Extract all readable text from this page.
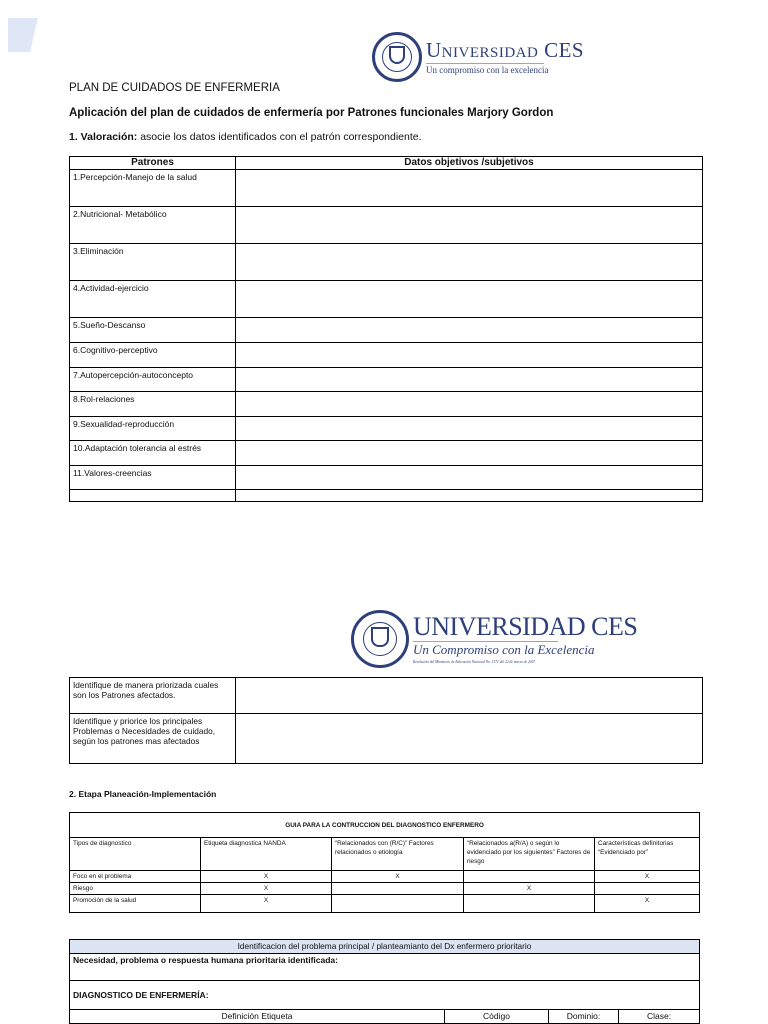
Universidad CES
Un compromiso con la excelencia
PLAN DE CUIDADOS DE ENFERMERIA
Aplicación del plan de cuidados de enfermería por Patrones funcionales Marjory Gordon
1. Valoración: asocie los datos identificados con el patrón correspondiente.
Patrones	Datos objetivos /subjetivos
1.Percepción-Manejo de la salud	
2.Nutricional- Metabólico	
3.Eliminación	
4.Actividad-ejercicio	
5.Sueño-Descanso	
6.Cognitivo-perceptivo	
7.Autopercepción-autoconcepto	
8.Rol-relaciones	
9.Sexualidad-reproducción	
10.Adaptación tolerancia al estrés	
11.Valores-creencias	

UNIVERSIDAD CES
Un Compromiso con la Excelencia
Resolución del Ministerio de Educación Nacional No. 1371 del 22 de marzo de 2007
Identifique de manera priorizada cuales son los Patrones afectados.	
Identifique y priorice los principales Problemas o Necesidades de cuidado, según los patrones mas afectados	
2. Etapa Planeación-Implementación
GUIA PARA LA CONTRUCCION DEL DIAGNOSTICO ENFERMERO				
Tipos de diagnostico	Etiqueta diagnostica NANDA	“Relacionados con (R/C)” Factores relacionados o etiología	“Relacionados a(R/A) o según lo evidenciado por los siguientes” Factores de riesgo	Características definitorias “Evidenciado por”
Foco en el problema	X	X		X
Riesgo	X		X	
Promoción de la salud	X			X
Identificacion del problema principal / planteamianto del Dx enfermero prioritario
Necesidad, problema o respuesta humana prioritaria identificada:
DIAGNOSTICO DE ENFERMERÍA:
Definición Etiqueta	Código	Dominio:	Clase:
